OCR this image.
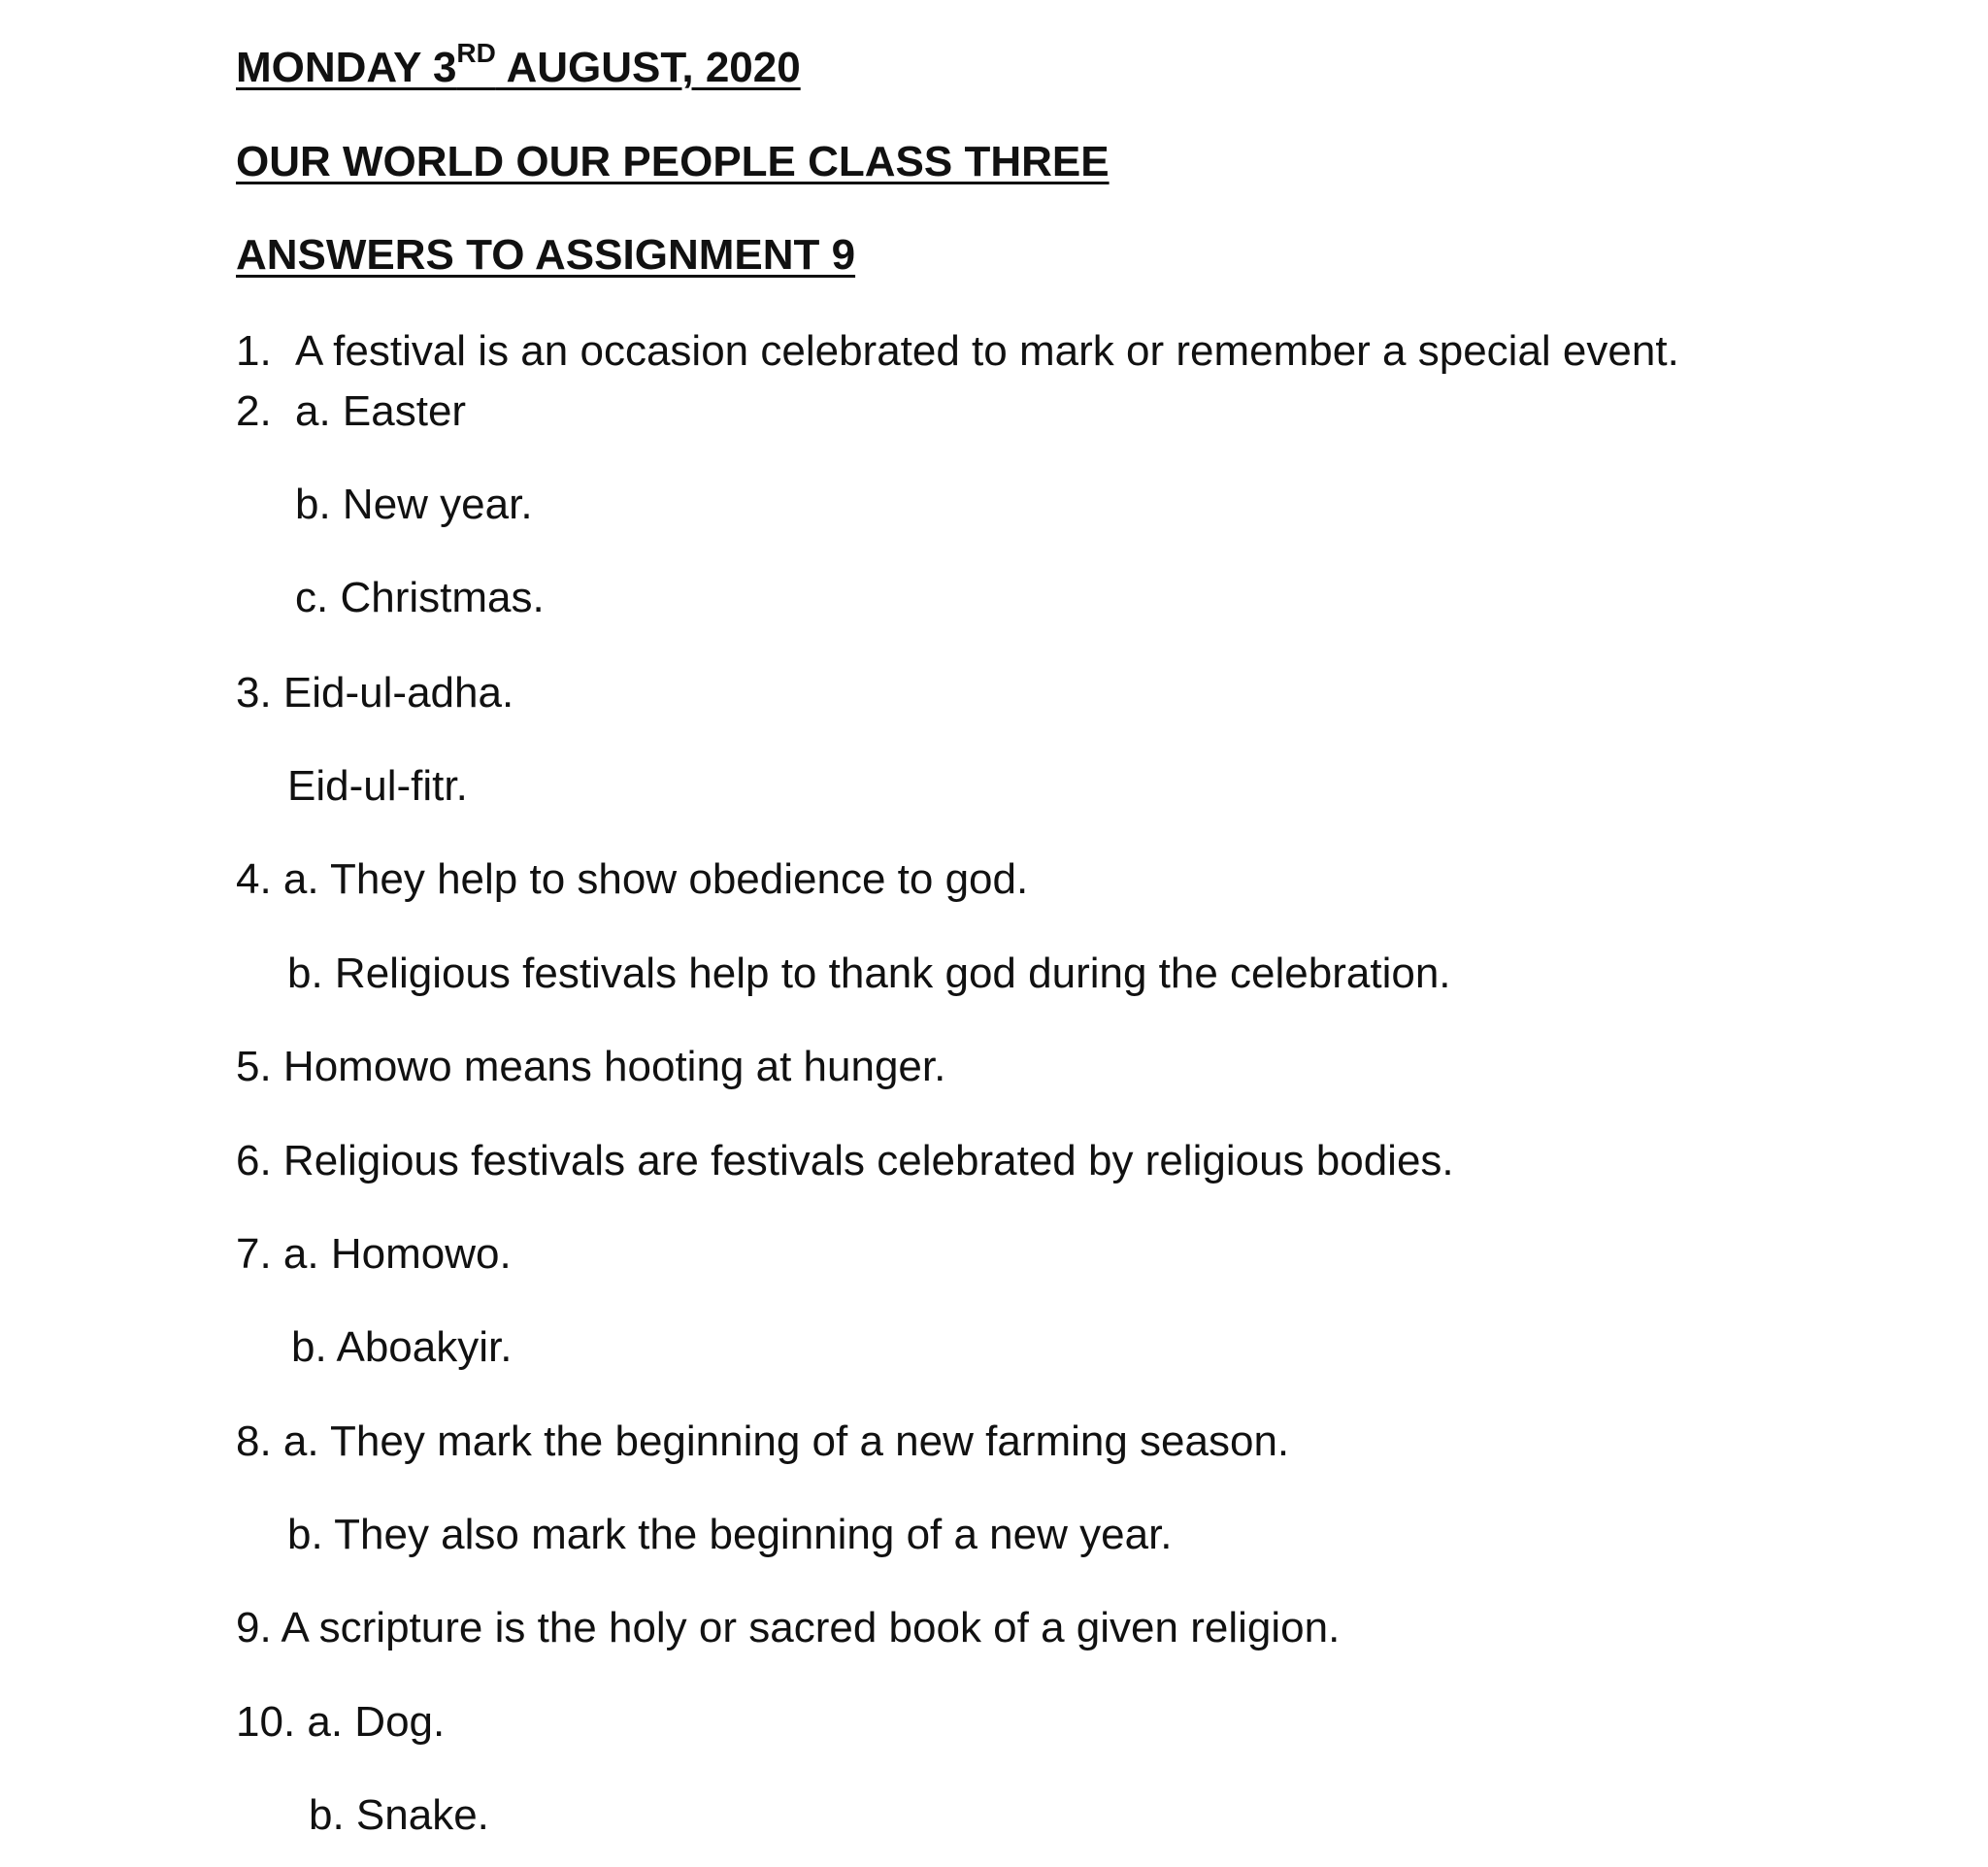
MONDAY 3RD AUGUST, 2020
OUR WORLD OUR PEOPLE CLASS THREE
ANSWERS TO ASSIGNMENT 9
1. A festival is an occasion celebrated to mark or remember a special event.
2. a. Easter
b. New year.
c. Christmas.
3. Eid-ul-adha.
Eid-ul-fitr.
4. a. They help to show obedience to god.
b. Religious festivals help to thank god during the celebration.
5. Homowo means hooting at hunger.
6. Religious festivals are festivals celebrated by religious bodies.
7. a. Homowo.
b. Aboakyir.
8. a. They mark the beginning of a new farming season.
b. They also mark the beginning of a new year.
9. A scripture is the holy or sacred book of a given religion.
10. a. Dog.
b. Snake.
